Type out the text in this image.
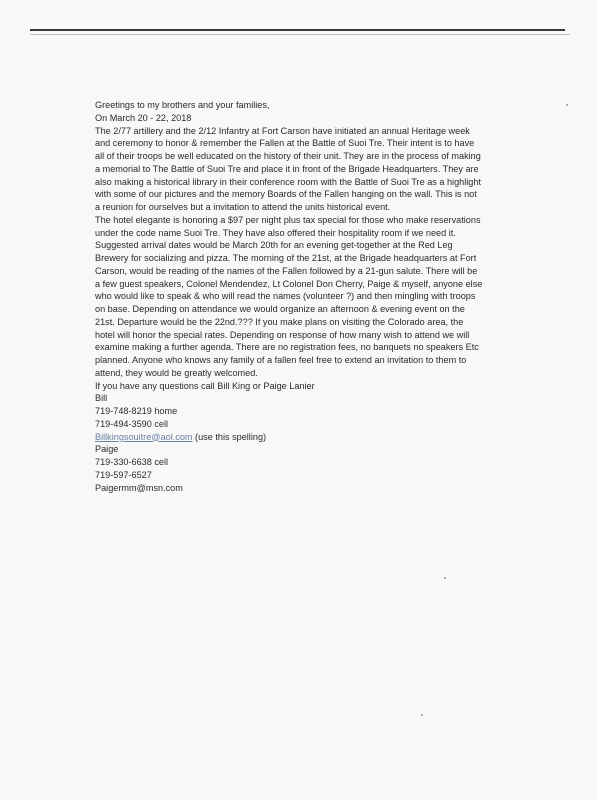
Greetings to my brothers and your families,
On March 20 - 22, 2018
The 2/77 artillery and the 2/12 Infantry at Fort Carson have initiated an annual Heritage week
and ceremony to honor & remember the Fallen at the Battle of Suoi Tre. Their intent is to have
all of their troops be well educated on the history of their unit. They are in the process of making
a memorial to The Battle of Suoi Tre and place it in front of the Brigade Headquarters. They are
also making a historical library in their conference room with the Battle of Suoi Tre as a highlight
with some of our pictures and the memory Boards of the Fallen hanging on the wall. This is not
a reunion for ourselves but a invitation to attend the units historical event.
The hotel elegante is honoring a $97 per night plus tax special for those who make reservations
under the code name Suoi Tre. They have also offered their hospitality room if we need it.
Suggested arrival dates would be March 20th for an evening get-together at the Red Leg
Brewery for socializing and pizza. The morning of the 21st, at the Brigade headquarters at Fort
Carson, would be reading of the names of the Fallen followed by a 21-gun salute. There will be
a few guest speakers, Colonel Mendendez, Lt Colonel Don Cherry, Paige & myself, anyone else
who would like to speak & who will read the names (volunteer ?) and then mingling with troops
on base. Depending on attendance we would organize an afternoon & evening event on the
21st. Departure would be the 22nd.??? If you make plans on visiting the Colorado area, the
hotel will honor the special rates. Depending on response of how many wish to attend we will
examine making a further agenda. There are no registration fees, no banquets no speakers Etc
planned. Anyone who knows any family of a fallen feel free to extend an invitation to them to
attend, they would be greatly welcomed.
If you have any questions call Bill King or Paige Lanier
Bill
719-748-8219 home
719-494-3590 cell
Billkingsouitre@aol.com (use this spelling)
Paige
719-330-6638 cell
719-597-6527
Paigermm@msn.com
